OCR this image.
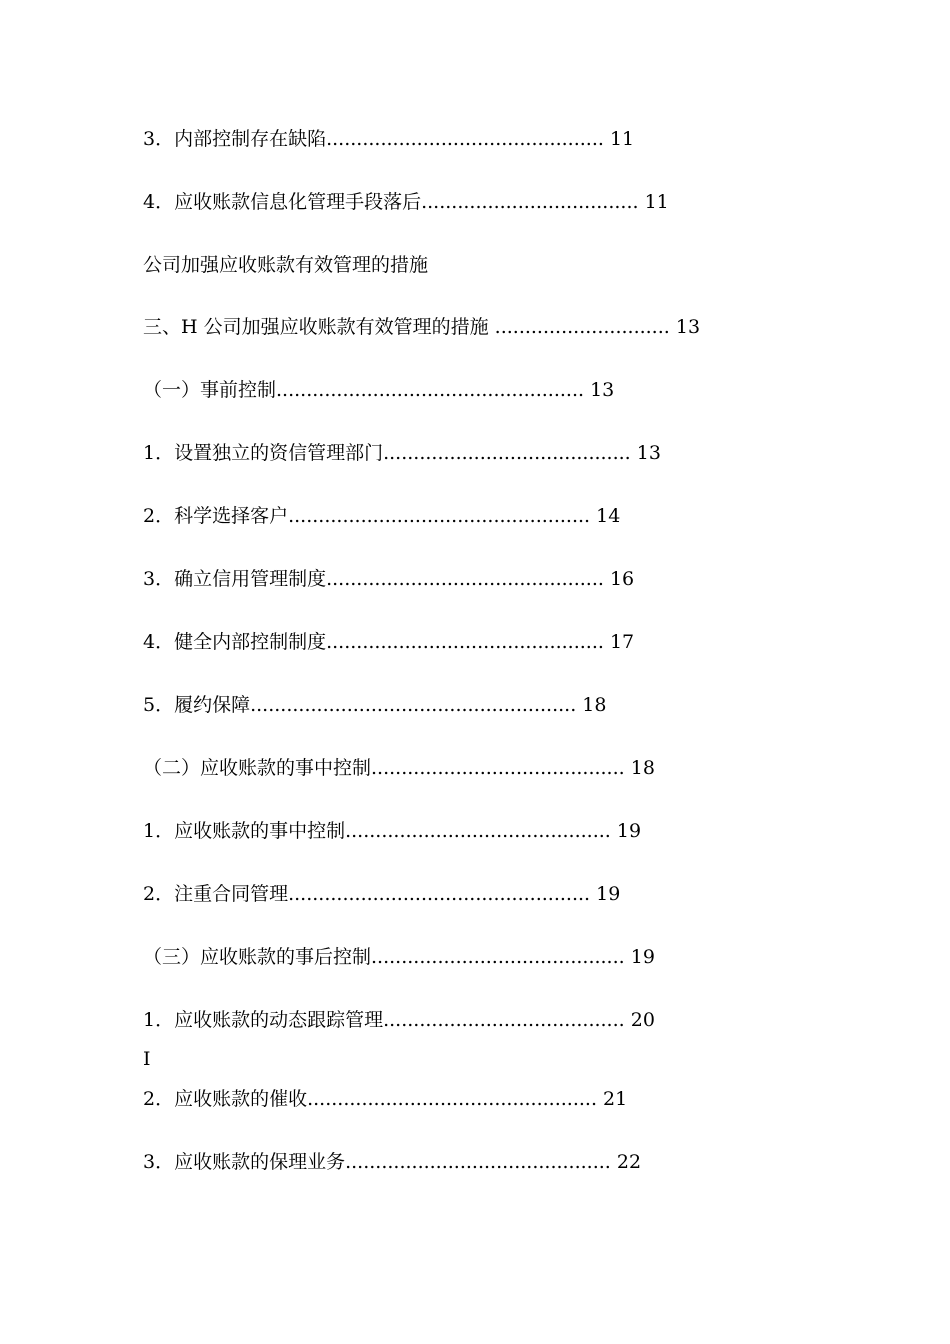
3．内部控制存在缺陷.............................................. 11
4．应收账款信息化管理手段落后.................................... 11
公司加强应收账款有效管理的措施
三、H 公司加强应收账款有效管理的措施 ............................. 13
（一）事前控制................................................... 13
1．设置独立的资信管理部门......................................... 13
2．科学选择客户.................................................. 14
3．确立信用管理制度.............................................. 16
4．健全内部控制制度.............................................. 17
5．履约保障...................................................... 18
（二）应收账款的事中控制.......................................... 18
1．应收账款的事中控制............................................ 19
2．注重合同管理.................................................. 19
（三）应收账款的事后控制.......................................... 19
1．应收账款的动态跟踪管理........................................ 20
I
2．应收账款的催收................................................ 21
3．应收账款的保理业务............................................ 22
